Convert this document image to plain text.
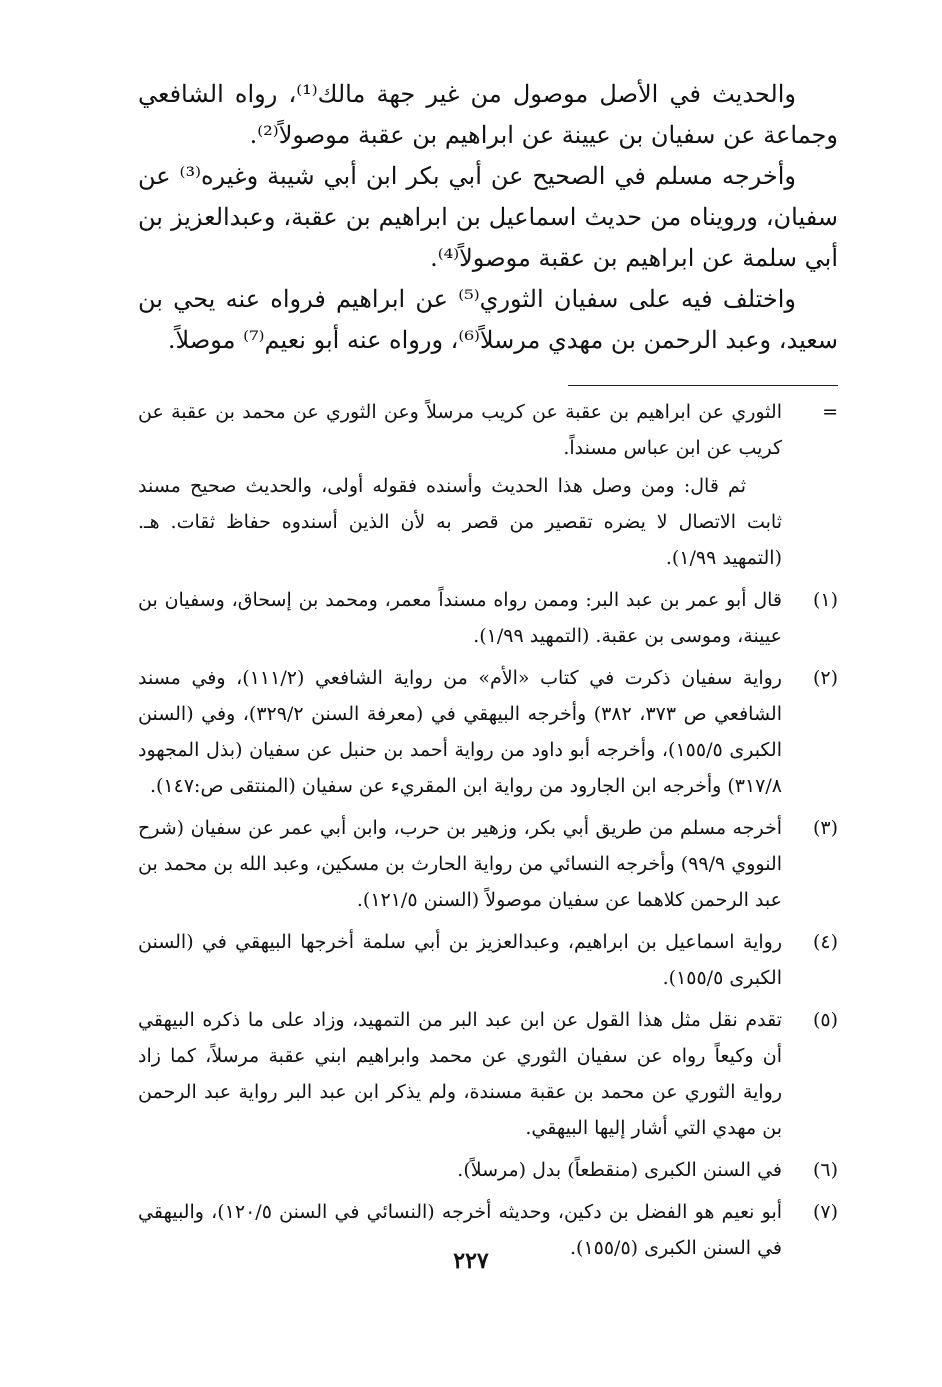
والحديث في الأصل موصول من غير جهة مالك⁽¹⁾، رواه الشافعي وجماعة عن سفيان بن عيينة عن ابراهيم بن عقبة موصولاً⁽²⁾.

وأخرجه مسلم في الصحيح عن أبي بكر ابن أبي شيبة وغيره⁽³⁾ عن سفيان، ورويناه من حديث اسماعيل بن ابراهيم بن عقبة، وعبدالعزيز بن أبي سلمة عن ابراهيم بن عقبة موصولاً⁽⁴⁾.

واختلف فيه على سفيان الثوري⁽⁵⁾ عن ابراهيم فرواه عنه يحي بن سعيد، وعبد الرحمن بن مهدي مرسلاً⁽⁶⁾، ورواه عنه أبو نعيم⁽⁷⁾ موصلاً.

=

الثوري عن ابراهيم بن عقبة عن كريب مرسلاً وعن الثوري عن محمد بن عقبة عن كريب عن ابن عباس مسنداً.

ثم قال: ومن وصل هذا الحديث وأسنده فقوله أولى، والحديث صحيح مسند ثابت الاتصال لا يضره تقصير من قصر به لأن الذين أسندوه حفاظ ثقات. هـ. (التمهيد ١/٩٩).

(١)

قال أبو عمر بن عبد البر: وممن رواه مسنداً معمر، ومحمد بن إسحاق، وسفيان بن عيينة، وموسى بن عقبة. (التمهيد ١/٩٩).

(٢)

رواية سفيان ذكرت في كتاب «الأم» من رواية الشافعي (١١١/٢)، وفي مسند الشافعي ص ٣٧٣، ٣٨٢) وأخرجه البيهقي في (معرفة السنن ٣٢٩/٢)، وفي (السنن الكبرى ١٥٥/٥)، وأخرجه أبو داود من رواية أحمد بن حنبل عن سفيان (بذل المجهود ٣١٧/٨) وأخرجه ابن الجارود من رواية ابن المقريء عن سفيان (المنتقى ص:١٤٧).

(٣)

أخرجه مسلم من طريق أبي بكر، وزهير بن حرب، وابن أبي عمر عن سفيان (شرح النووي ٩٩/٩) وأخرجه النسائي من رواية الحارث بن مسكين، وعبد الله بن محمد بن عبد الرحمن كلاهما عن سفيان موصولاً (السنن ١٢١/٥).

(٤)

رواية اسماعيل بن ابراهيم، وعبدالعزيز بن أبي سلمة أخرجها البيهقي في (السنن الكبرى ١٥٥/٥).

(٥)

تقدم نقل مثل هذا القول عن ابن عبد البر من التمهيد، وزاد على ما ذكره البيهقي أن وكيعاً رواه عن سفيان الثوري عن محمد وابراهيم ابني عقبة مرسلاً، كما زاد رواية الثوري عن محمد بن عقبة مسندة، ولم يذكر ابن عبد البر رواية عبد الرحمن بن مهدي التي أشار إليها البيهقي.

(٦)

في السنن الكبرى (منقطعاً) بدل (مرسلاً).

(٧)

أبو نعيم هو الفضل بن دكين، وحديثه أخرجه (النسائي في السنن ١٢٠/٥)، والبيهقي في السنن الكبرى (١٥٥/٥).

٢٢٧
